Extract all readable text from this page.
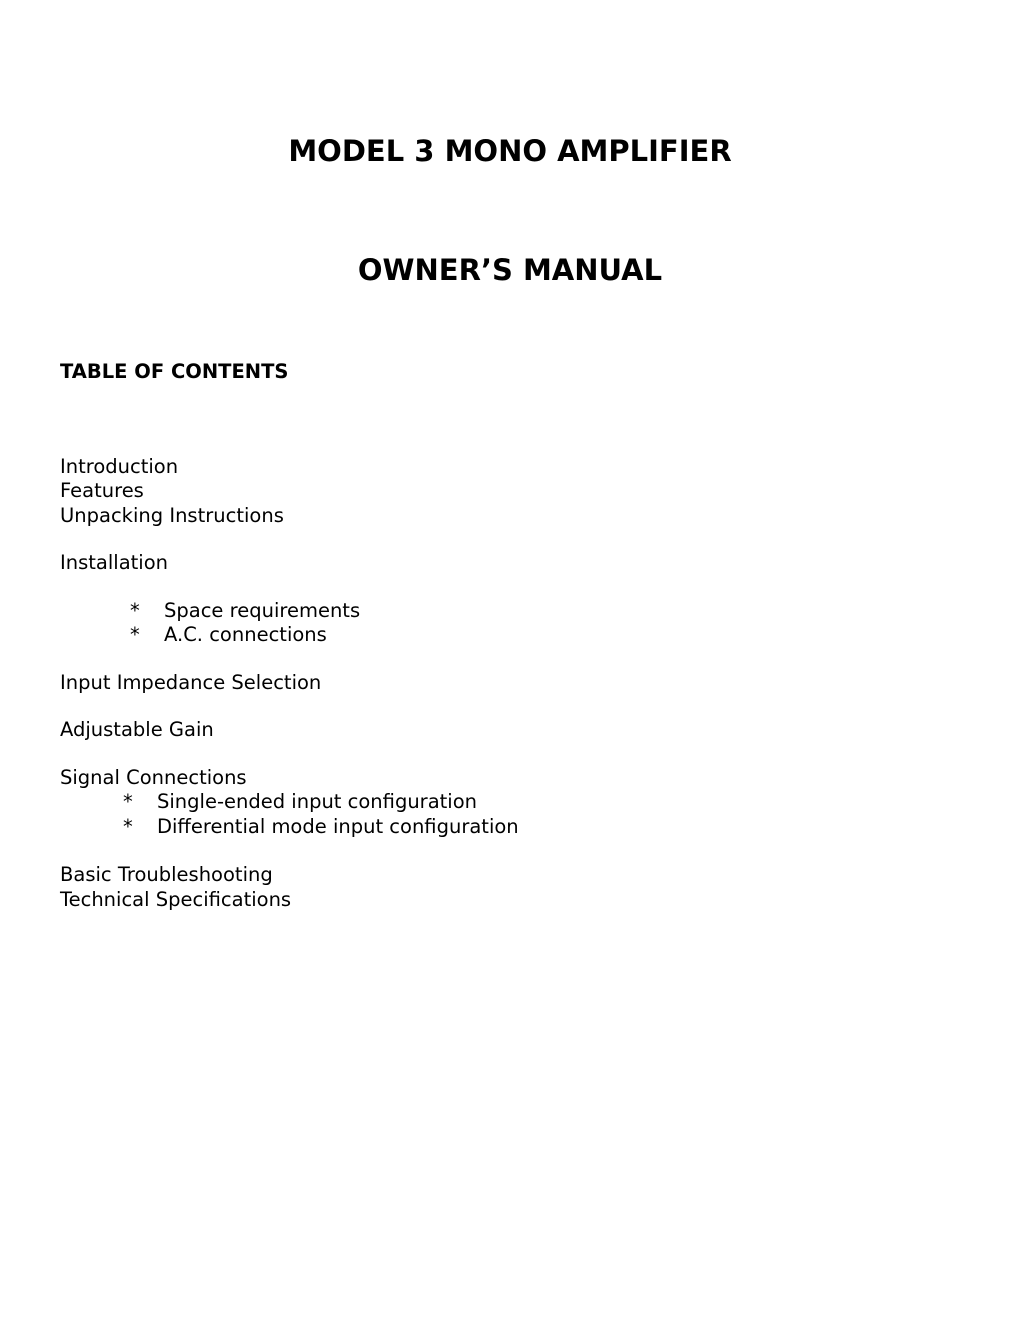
MODEL 3 MONO AMPLIFIER
OWNER’S MANUAL
TABLE OF CONTENTS
Introduction
Features
Unpacking Instructions
Installation
* Space requirements
* A.C. connections
Input Impedance Selection
Adjustable Gain
Signal Connections
* Single-ended input configuration
* Differential mode input configuration
Basic Troubleshooting
Technical Specifications
